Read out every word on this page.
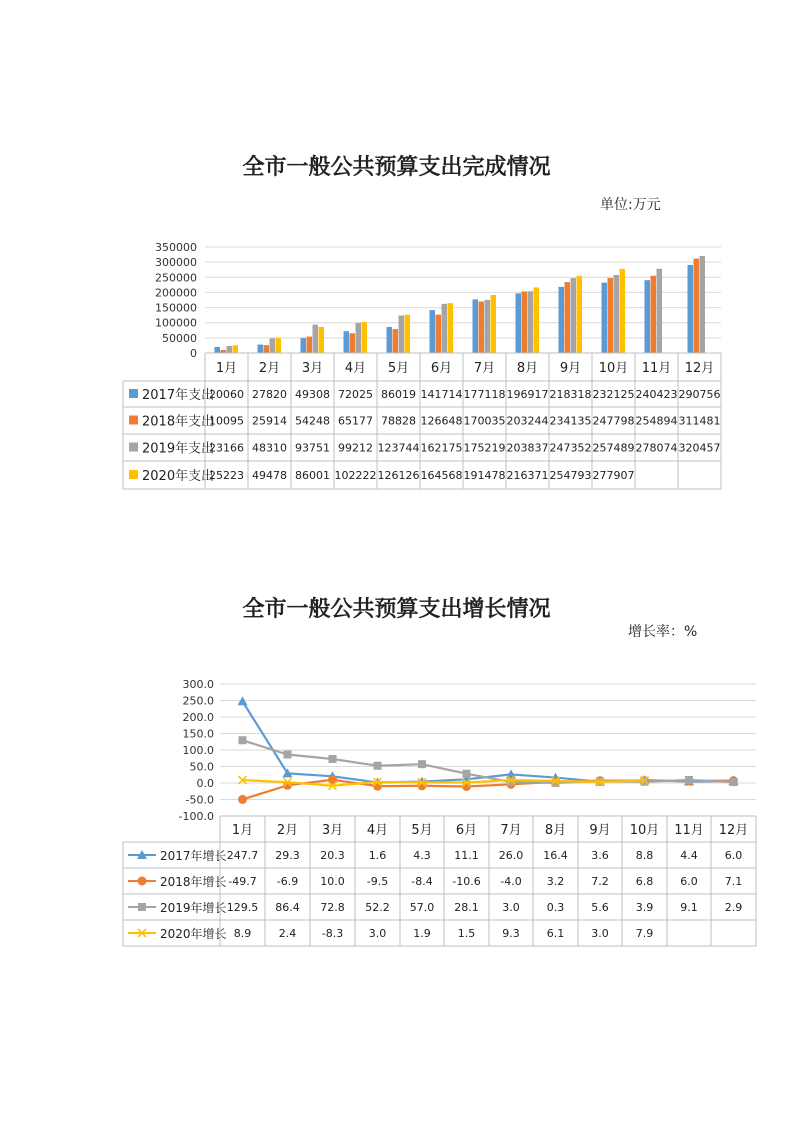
全市一般公共预算支出完成情况
单位:万元
350000
300000
250000
200000
150000
100000
50000
0
1月 2月 3月 4月 5月 6月 7月 8月 9月 10月 11月 12月
2017年支出
20060 27820 49308 72025 86019 141714 177118 196917 218318 232125 240423 290756
2018年支出
10095 25914 54248 65177 78828 126648 170035 203244 234135 247798 254894 311481
2019年支出
23166 48310 93751 99212 123744 162175 175219 203837 247352 257489 278074 320457
2020年支出
25223 49478 86001 102222 126126 164568 191478 216371 254793 277907
全市一般公共预算支出增长情况
增长率：%
300.0
250.0
200.0
150.0
100.0
50.0
0.0
-50.0
-100.0
1月 2月 3月 4月 5月 6月 7月 8月 9月 10月 11月 12月
2017年增长 247.7 29.3 20.3 1.6 4.3 11.1 26.0 16.4 3.6 8.8 4.4 6.0
2018年增长 -49.7 -6.9 10.0 -9.5 -8.4 -10.6 -4.0 3.2 7.2 6.8 6.0 7.1
2019年增长 129.5 86.4 72.8 52.2 57.0 28.1 3.0 0.3 5.6 3.9 9.1 2.9
2020年增长 8.9	2.4 -8.3 3.0 1.9 1.5 9.3 6.1 3.0 7.9
